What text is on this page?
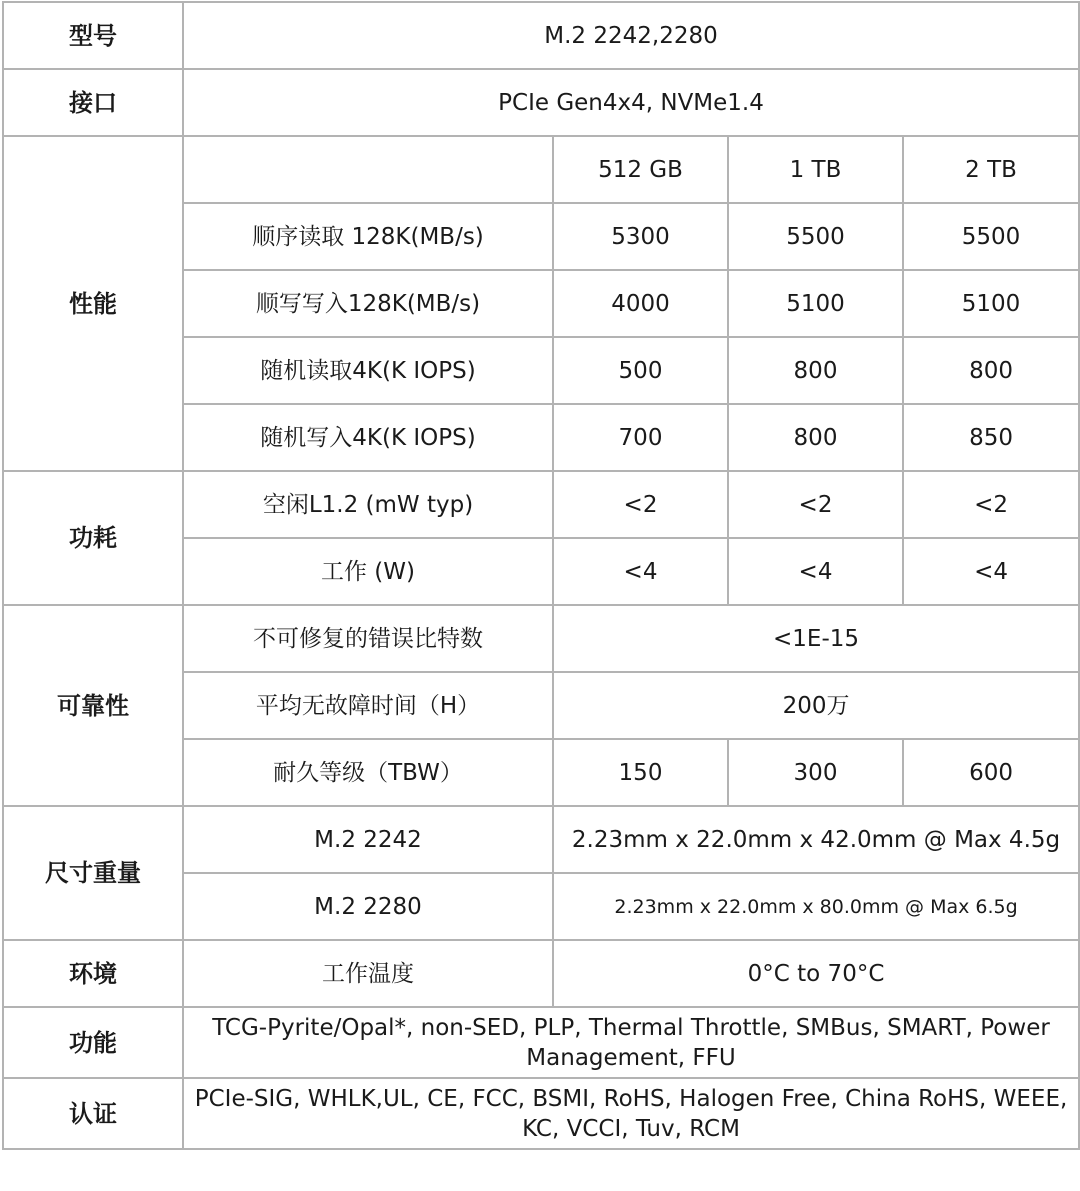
型号	M.2 2242,2280			
接口	PCIe Gen4x4, NVMe1.4			
性能		512 GB	1 TB	2 TB
	顺序读取 128K(MB/s)	5300	5500	5500
	顺写写入128K(MB/s)	4000	5100	5100
	随机读取4K(K IOPS)	500	800	800
	随机写入4K(K IOPS)	700	800	850
功耗	空闲L1.2 (mW typ)	<2	<2	<2
	工作 (W)	<4	<4	<4
可靠性	不可修复的错误比特数	<1E-15		
	平均无故障时间（H）	200万		
	耐久等级（TBW）	150	300	600
尺寸重量	M.2 2242	2.23mm x 22.0mm x 42.0mm @ Max 4.5g		
	M.2 2280	2.23mm x 22.0mm x 80.0mm @ Max 6.5g		
环境	工作温度	0°C to 70°C		
功能	TCG-Pyrite/Opal*, non-SED, PLP, Thermal Throttle, SMBus, SMART, Power Management, FFU			
认证	PCIe-SIG, WHLK,UL, CE, FCC, BSMI, RoHS, Halogen Free, China RoHS, WEEE, KC, VCCI, Tuv, RCM			
